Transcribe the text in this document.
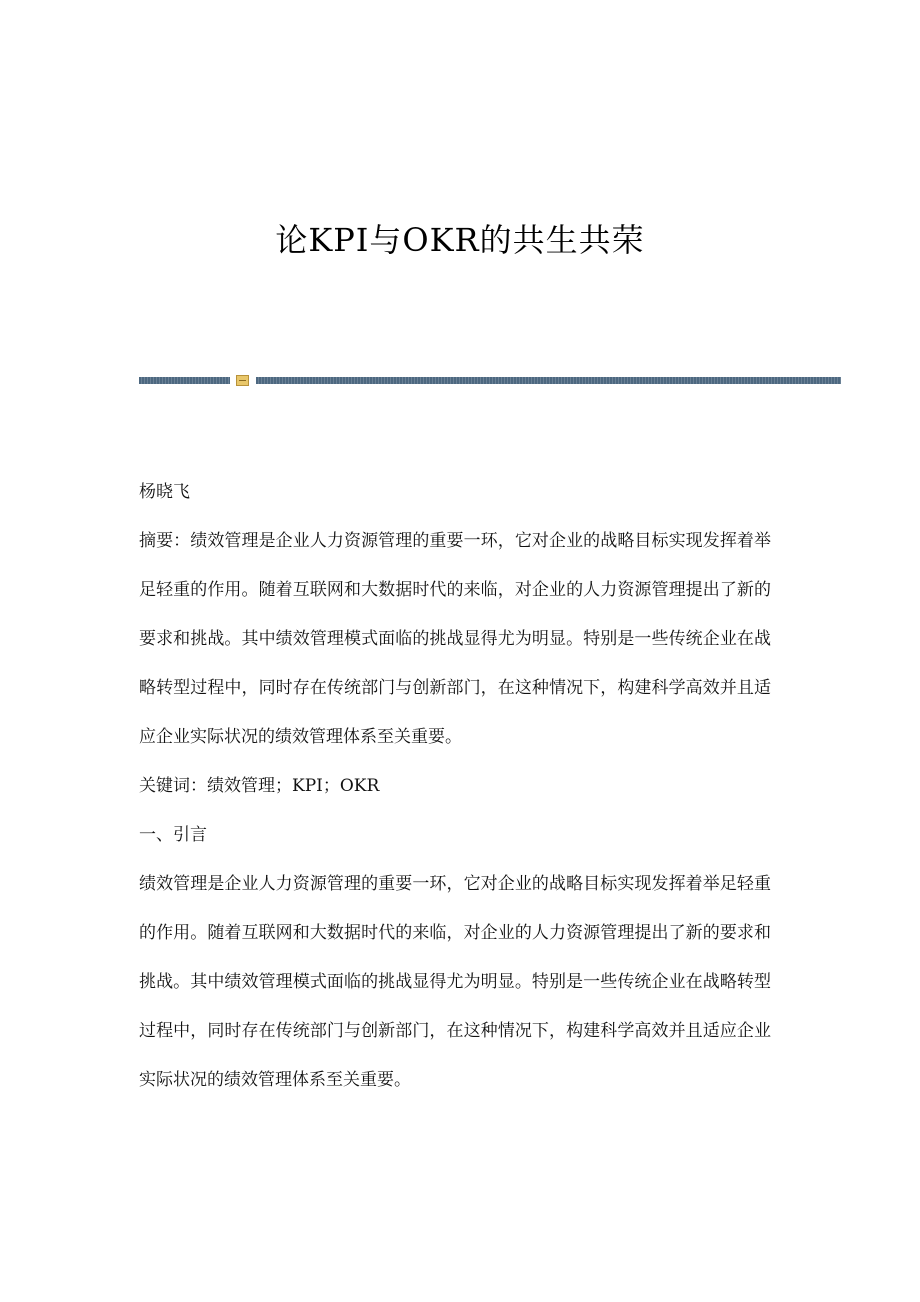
论KPI与OKR的共生共荣

杨晓飞

摘要：绩效管理是企业人力资源管理的重要一环，它对企业的战略目标实现发挥着举足轻重的作用。随着互联网和大数据时代的来临，对企业的人力资源管理提出了新的要求和挑战。其中绩效管理模式面临的挑战显得尤为明显。特别是一些传统企业在战略转型过程中，同时存在传统部门与创新部门，在这种情况下，构建科学高效并且适应企业实际状况的绩效管理体系至关重要。

关键词：绩效管理；KPI；OKR

一、引言

绩效管理是企业人力资源管理的重要一环，它对企业的战略目标实现发挥着举足轻重的作用。随着互联网和大数据时代的来临，对企业的人力资源管理提出了新的要求和挑战。其中绩效管理模式面临的挑战显得尤为明显。特别是一些传统企业在战略转型过程中，同时存在传统部门与创新部门，在这种情况下，构建科学高效并且适应企业实际状况的绩效管理体系至关重要。
